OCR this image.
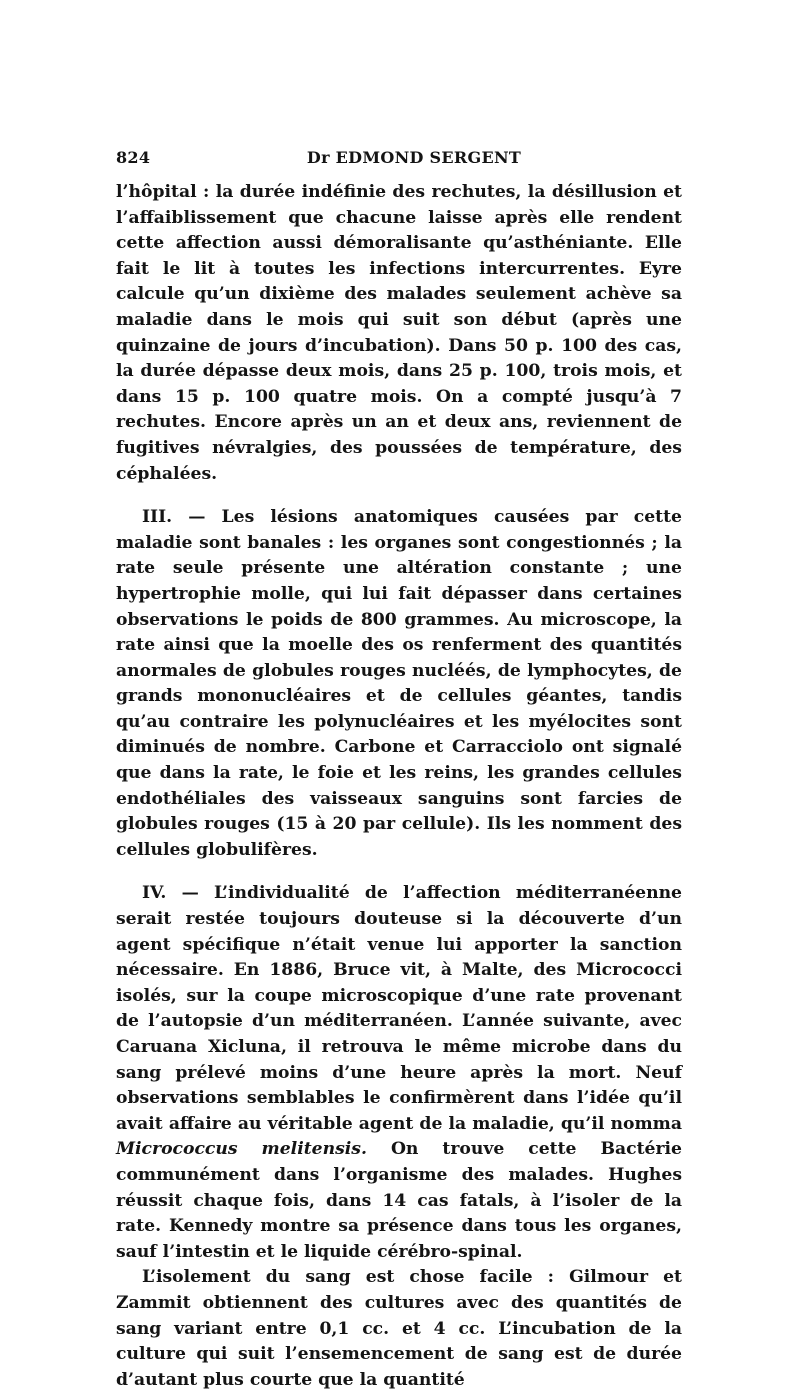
824	Dr EDMOND SERGENT

l’hôpital : la durée indéfinie des rechutes, la désillusion et l’affaiblissement que chacune laisse après elle rendent cette affection aussi démoralisante qu’asthéniante. Elle fait le lit à toutes les infections intercurrentes. Eyre calcule qu’un dixième des malades seulement achève sa maladie dans le mois qui suit son début (après une quinzaine de jours d’incubation). Dans 50 p. 100 des cas, la durée dépasse deux mois, dans 25 p. 100, trois mois, et dans 15 p. 100 quatre mois. On a compté jusqu’à 7 rechutes. Encore après un an et deux ans, reviennent de fugitives névralgies, des poussées de température, des céphalées.

III. — Les lésions anatomiques causées par cette maladie sont banales : les organes sont congestionnés ; la rate seule présente une altération constante ; une hypertrophie molle, qui lui fait dépasser dans certaines observations le poids de 800 grammes. Au microscope, la rate ainsi que la moelle des os renferment des quantités anormales de globules rouges nucléés, de lymphocytes, de grands mononucléaires et de cellules géantes, tandis qu’au contraire les polynucléaires et les myélocites sont diminués de nombre. Carbone et Carracciolo ont signalé que dans la rate, le foie et les reins, les grandes cellules endothéliales des vaisseaux sanguins sont farcies de globules rouges (15 à 20 par cellule). Ils les nomment des cellules globulifères.

IV. — L’individualité de l’affection méditerranéenne serait restée toujours douteuse si la découverte d’un agent spécifique n’était venue lui apporter la sanction nécessaire. En 1886, Bruce vit, à Malte, des Micrococci isolés, sur la coupe microscopique d’une rate provenant de l’autopsie d’un méditerranéen. L’année suivante, avec Caruana Xicluna, il retrouva le même microbe dans du sang prélevé moins d’une heure après la mort. Neuf observations semblables le confirmèrent dans l’idée qu’il avait affaire au véritable agent de la maladie, qu’il nomma Micrococcus melitensis. On trouve cette Bactérie communément dans l’organisme des malades. Hughes réussit chaque fois, dans 14 cas fatals, à l’isoler de la rate. Kennedy montre sa présence dans tous les organes, sauf l’intestin et le liquide cérébro-spinal.

L’isolement du sang est chose facile : Gilmour et Zammit obtiennent des cultures avec des quantités de sang variant entre 0,1 cc. et 4 cc. L’incubation de la culture qui suit l’ensemencement de sang est de durée d’autant plus courte que la quantité
